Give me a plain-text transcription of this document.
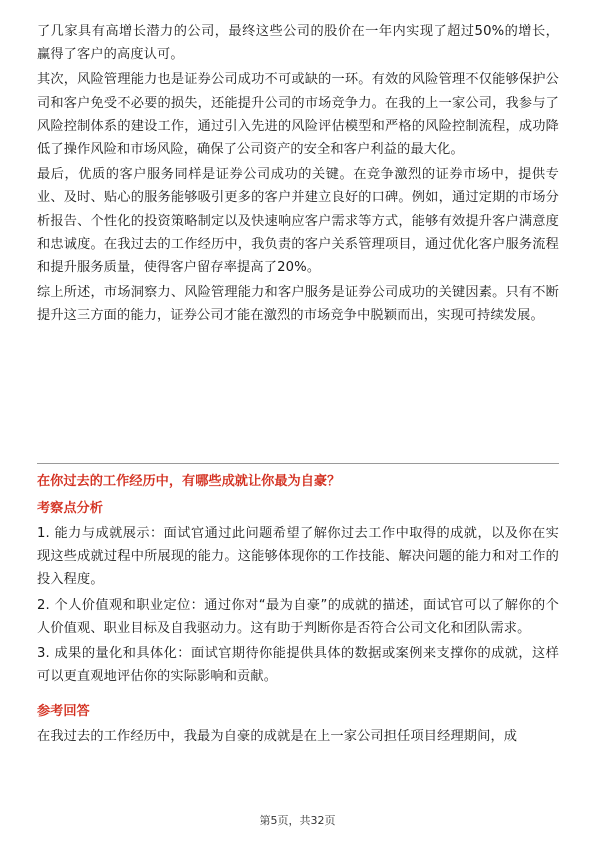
了几家具有高增长潜力的公司，最终这些公司的股价在一年内实现了超过50%的增长，赢得了客户的高度认可。

其次，风险管理能力也是证券公司成功不可或缺的一环。有效的风险管理不仅能够保护公司和客户免受不必要的损失，还能提升公司的市场竞争力。在我的上一家公司，我参与了风险控制体系的建设工作，通过引入先进的风险评估模型和严格的风险控制流程，成功降低了操作风险和市场风险，确保了公司资产的安全和客户利益的最大化。

最后，优质的客户服务同样是证券公司成功的关键。在竞争激烈的证券市场中，提供专业、及时、贴心的服务能够吸引更多的客户并建立良好的口碑。例如，通过定期的市场分析报告、个性化的投资策略制定以及快速响应客户需求等方式，能够有效提升客户满意度和忠诚度。在我过去的工作经历中，我负责的客户关系管理项目，通过优化客户服务流程和提升服务质量，使得客户留存率提高了20%。

综上所述，市场洞察力、风险管理能力和客户服务是证券公司成功的关键因素。只有不断提升这三方面的能力，证券公司才能在激烈的市场竞争中脱颖而出，实现可持续发展。

在你过去的工作经历中，有哪些成就让你最为自豪？

考察点分析

1. 能力与成就展示：面试官通过此问题希望了解你过去工作中取得的成就，以及你在实现这些成就过程中所展现的能力。这能够体现你的工作技能、解决问题的能力和对工作的投入程度。

2. 个人价值观和职业定位：通过你对“最为自豪”的成就的描述，面试官可以了解你的个人价值观、职业目标及自我驱动力。这有助于判断你是否符合公司文化和团队需求。

3. 成果的量化和具体化：面试官期待你能提供具体的数据或案例来支撑你的成就，这样可以更直观地评估你的实际影响和贡献。

参考回答

在我过去的工作经历中，我最为自豪的成就是在上一家公司担任项目经理期间，成

第5页，共32页
